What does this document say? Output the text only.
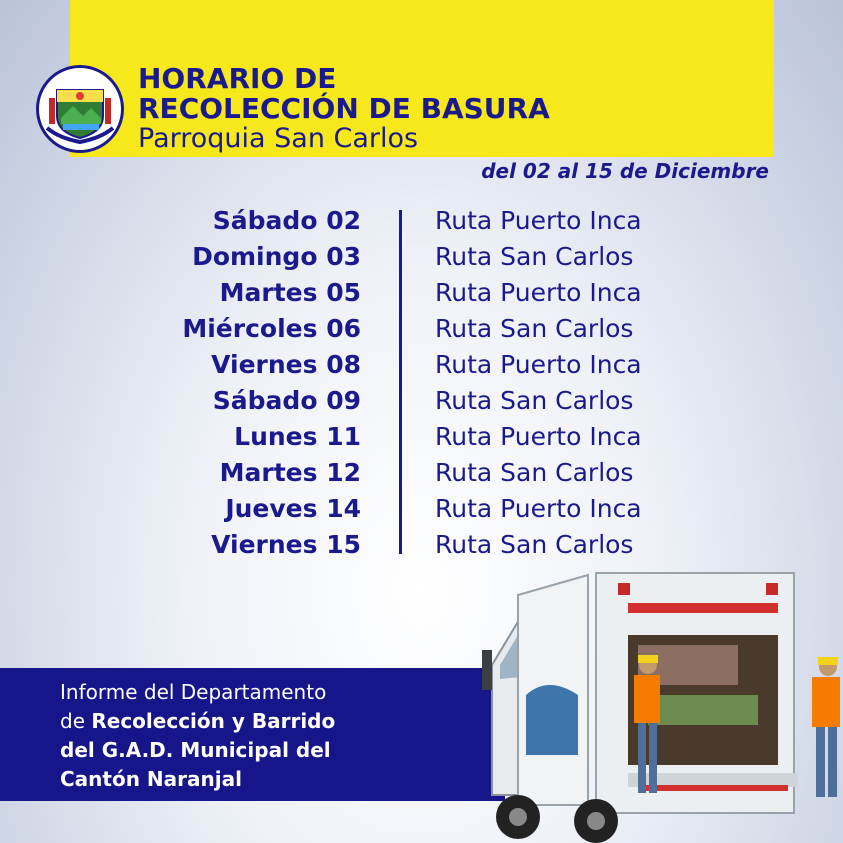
HORARIO DE
RECOLECCIÓN DE BASURA
Parroquia San Carlos
del 02 al 15 de Diciembre
Sábado 02	Ruta Puerto Inca
Domingo 03	Ruta San Carlos
Martes 05	Ruta Puerto Inca
Miércoles 06	Ruta San Carlos
Viernes 08	Ruta Puerto Inca
Sábado 09	Ruta San Carlos
Lunes 11	Ruta Puerto Inca
Martes 12	Ruta San Carlos
Jueves 14	Ruta Puerto Inca
Viernes 15	Ruta San Carlos
Informe del Departamento
de Recolección y Barrido
del G.A.D. Municipal del
Cantón Naranjal
